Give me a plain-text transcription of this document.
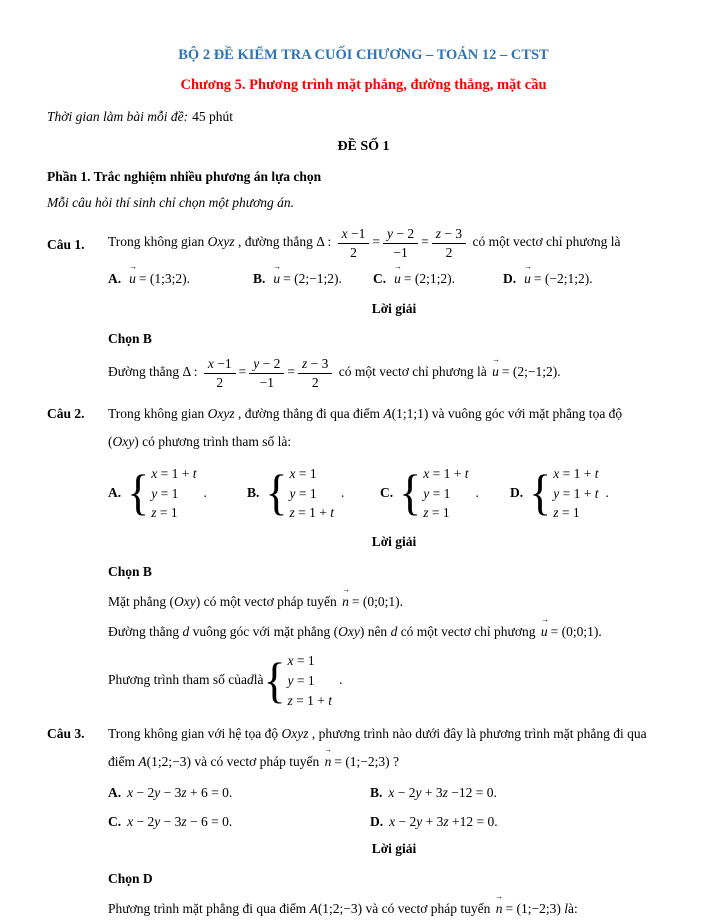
BỘ 2 ĐỀ KIỂM TRA CUỐI CHƯƠNG – TOÁN 12 – CTST
Chương 5. Phương trình mặt phẳng, đường thẳng, mặt cầu
Thời gian làm bài mỗi đề: 45 phút
ĐỀ SỐ 1
Phần 1. Trắc nghiệm nhiều phương án lựa chọn
Mỗi câu hỏi thí sinh chỉ chọn một phương án.
Câu 1.	Trong không gian Oxyz , đường thẳng Δ : $\frac{x -1}{2} = \frac{y - 2}{-1} = \frac{z - 3}{2}$ có một vectơ chỉ phương là
A.
→
u = (1;3;2).	B.
→
u = (2;−1;2).	C.
→
u = (2;1;2).	D.
→
u = (−2;1;2).
Lời giải
Chọn B
Đường thẳng Δ : $\frac{x -1}{2} = \frac{y - 2}{-1} = \frac{z - 3}{2}$ có một vectơ chỉ phương là
→
u = (2;−1;2).
Câu 2.	Trong không gian Oxyz , đường thẳng đi qua điểm A(1;1;1) và vuông góc với mặt phẳng tọa độ
(Oxy) có phương trình tham số là:
A. { x = 1 + t
y = 1
z = 1
.	B. { x = 1
y = 1
z = 1 + t
.	C. { x = 1 + t
y = 1
z = 1
. D. { x = 1 + t
y = 1 + t
z = 1
.
Lời giải
Chọn B
Mặt phẳng (Oxy) có một vectơ pháp tuyến
→
n = (0;0;1).
Đường thẳng d vuông góc với mặt phẳng (Oxy) nên d có một vectơ chỉ phương
→
u = (0;0;1).
Phương trình tham số của d là { x = 1
y = 1
z = 1 + t
.
Câu 3.	Trong không gian với hệ tọa độ Oxyz , phương trình nào dưới đây là phương trình mặt phẳng đi qua
điểm A(1;2;−3) và có vectơ pháp tuyến
→
n = (1;−2;3) ?
A. x − 2y − 3z + 6 = 0.	B. x − 2y + 3z −12 = 0.
C. x − 2y − 3z − 6 = 0.	D. x − 2y + 3z +12 = 0.
Lời giải
Chọn D
Phương trình mặt phẳng đi qua điểm A(1;2;−3) và có vectơ pháp tuyến
→
n = (1;−2;3) là:
